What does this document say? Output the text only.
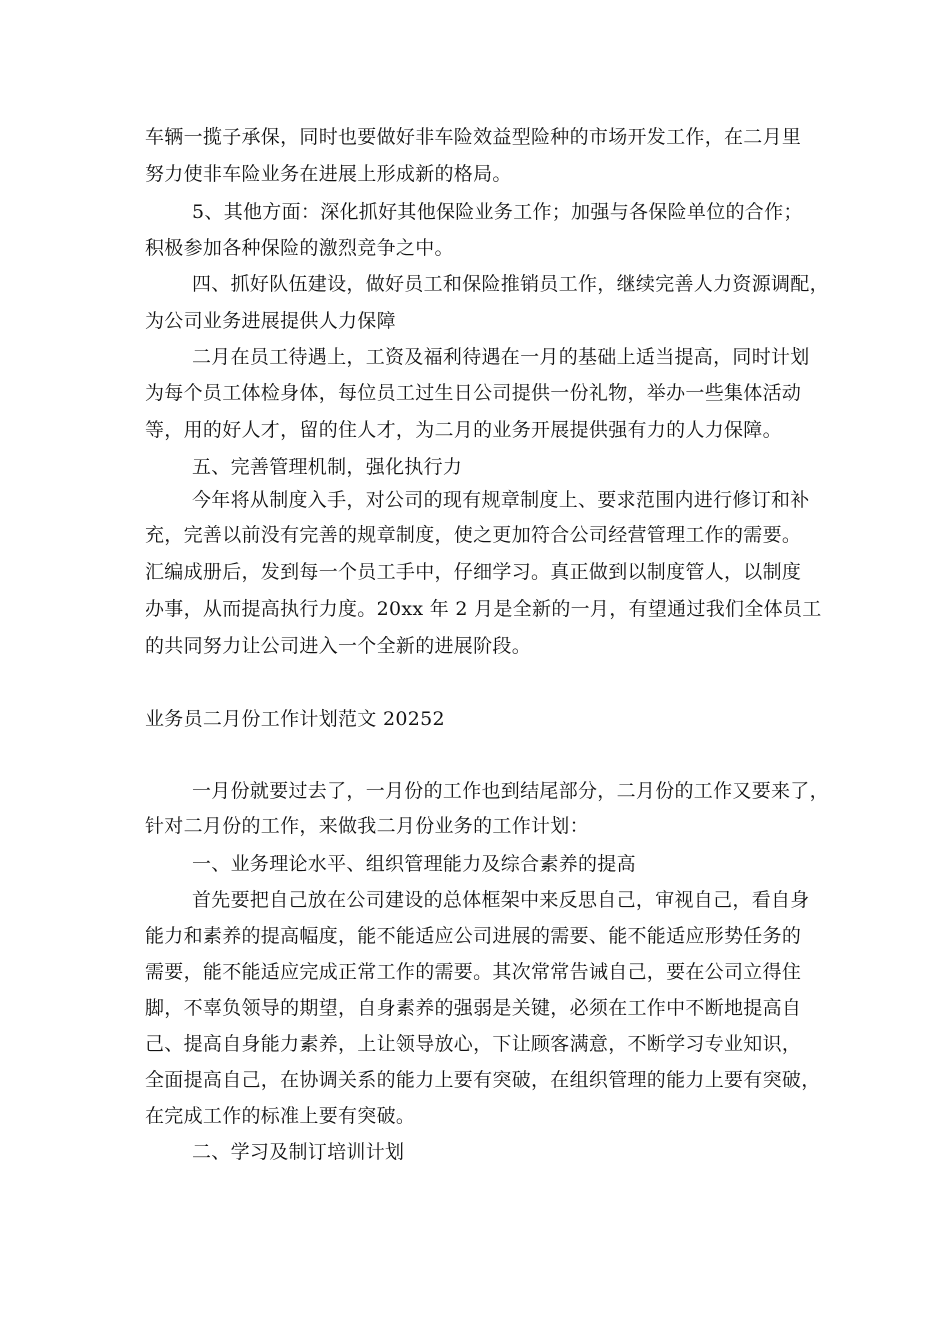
车辆一揽子承保，同时也要做好非车险效益型险种的市场开发工作，在二月里
努力使非车险业务在进展上形成新的格局。
5、其他方面：深化抓好其他保险业务工作；加强与各保险单位的合作；
积极参加各种保险的激烈竞争之中。
四、抓好队伍建设，做好员工和保险推销员工作，继续完善人力资源调配，
为公司业务进展提供人力保障
二月在员工待遇上，工资及福利待遇在一月的基础上适当提高，同时计划
为每个员工体检身体，每位员工过生日公司提供一份礼物，举办一些集体活动
等，用的好人才，留的住人才，为二月的业务开展提供强有力的人力保障。
五、完善管理机制，强化执行力
今年将从制度入手，对公司的现有规章制度上、要求范围内进行修订和补
充，完善以前没有完善的规章制度，使之更加符合公司经营管理工作的需要。
汇编成册后，发到每一个员工手中，仔细学习。真正做到以制度管人，以制度
办事，从而提高执行力度。20xx 年 2 月是全新的一月，有望通过我们全体员工
的共同努力让公司进入一个全新的进展阶段。
业务员二月份工作计划范文 20252
一月份就要过去了，一月份的工作也到结尾部分，二月份的工作又要来了，
针对二月份的工作，来做我二月份业务的工作计划：
一、业务理论水平、组织管理能力及综合素养的提高
首先要把自己放在公司建设的总体框架中来反思自己，审视自己，看自身
能力和素养的提高幅度，能不能适应公司进展的需要、能不能适应形势任务的
需要，能不能适应完成正常工作的需要。其次常常告诫自己，要在公司立得住
脚，不辜负领导的期望，自身素养的强弱是关键，必须在工作中不断地提高自
己、提高自身能力素养，上让领导放心，下让顾客满意，不断学习专业知识，
全面提高自己，在协调关系的能力上要有突破，在组织管理的能力上要有突破，
在完成工作的标准上要有突破。
二、学习及制订培训计划
